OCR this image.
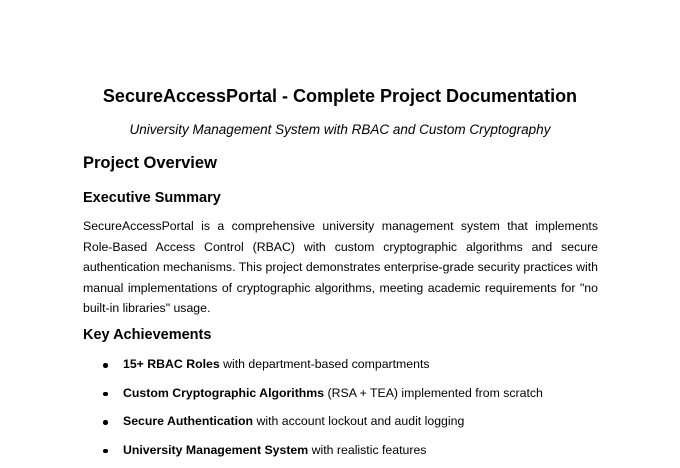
SecureAccessPortal - Complete Project Documentation

University Management System with RBAC and Custom Cryptography

Project Overview
Executive Summary

SecureAccessPortal is a comprehensive university management system that implements Role-Based Access Control (RBAC) with custom cryptographic algorithms and secure authentication mechanisms. This project demonstrates enterprise-grade security practices with manual implementations of cryptographic algorithms, meeting academic requirements for "no built-in libraries" usage.

Key Achievements
15+ RBAC Roles with department-based compartments
Custom Cryptographic Algorithms (RSA + TEA) implemented from scratch
Secure Authentication with account lockout and audit logging
University Management System with realistic features
